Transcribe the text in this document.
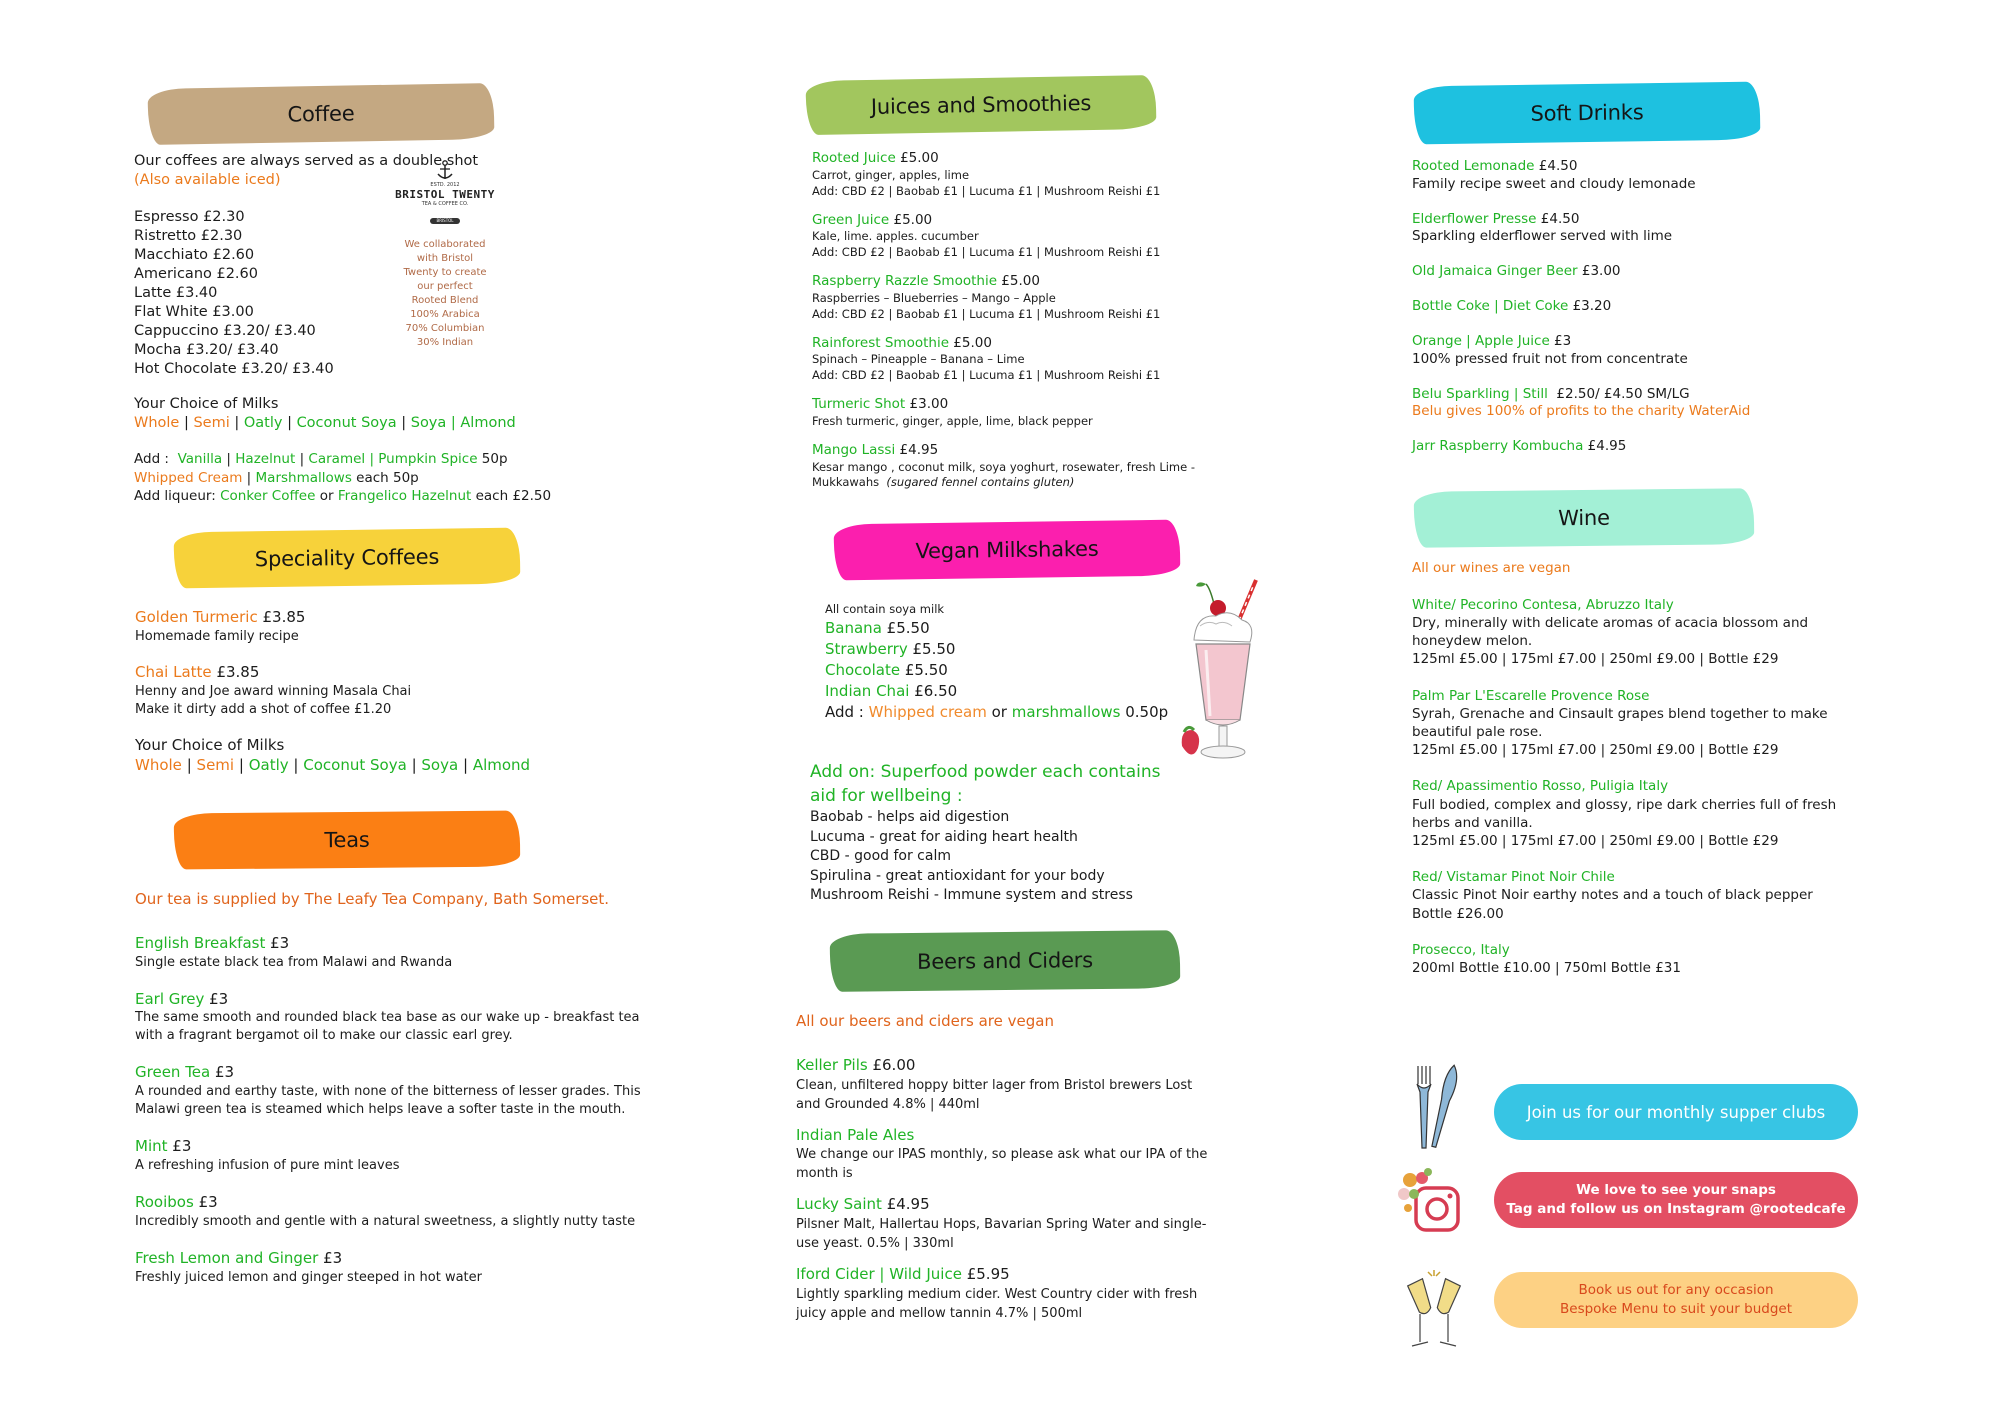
Coffee

Our coffees are always served as a double shot

(Also available iced)

Espresso £2.30
Ristretto £2.30
Macchiato £2.60
Americano £2.60
Latte £3.40
Flat White £3.00
Cappuccino £3.20/ £3.40
Mocha £3.20/ £3.40
Hot Chocolate £3.20/ £3.40
ESTD. 2012
BRISTOL TWENTY
TEA & COFFEE CO.
BRISTOL
We collaborated
with Bristol
Twenty to create
our perfect
Rooted Blend
100% Arabica
70% Columbian
30% Indian

Your Choice of Milks

Whole | Semi | Oatly | Coconut Soya | Soya | Almond

Add : Vanilla | Hazelnut | Caramel | Pumpkin Spice 50p

Whipped Cream | Marshmallows each 50p

Add liqueur: Conker Coffee or Frangelico Hazelnut each £2.50

Speciality Coffees

Golden Turmeric £3.85

Homemade family recipe

Chai Latte £3.85

Henny and Joe award winning Masala Chai

Make it dirty add a shot of coffee £1.20

Your Choice of Milks

Whole | Semi | Oatly | Coconut Soya | Soya | Almond

Teas

Our tea is supplied by The Leafy Tea Company, Bath Somerset.

English Breakfast £3

Single estate black tea from Malawi and Rwanda

Earl Grey £3

The same smooth and rounded black tea base as our wake up - breakfast tea with a fragrant bergamot oil to make our classic earl grey.

Green Tea £3

A rounded and earthy taste, with none of the bitterness of lesser grades. This Malawi green tea is steamed which helps leave a softer taste in the mouth.

Mint £3

A refreshing infusion of pure mint leaves

Rooibos £3

Incredibly smooth and gentle with a natural sweetness, a slightly nutty taste

Fresh Lemon and Ginger £3

Freshly juiced lemon and ginger steeped in hot water

Juices and Smoothies

Rooted Juice £5.00

Carrot, ginger, apples, lime

Add: CBD £2 | Baobab £1 | Lucuma £1 | Mushroom Reishi £1

Green Juice £5.00

Kale, lime. apples. cucumber

Add: CBD £2 | Baobab £1 | Lucuma £1 | Mushroom Reishi £1

Raspberry Razzle Smoothie £5.00

Raspberries – Blueberries – Mango – Apple

Add: CBD £2 | Baobab £1 | Lucuma £1 | Mushroom Reishi £1

Rainforest Smoothie £5.00

Spinach – Pineapple – Banana – Lime

Add: CBD £2 | Baobab £1 | Lucuma £1 | Mushroom Reishi £1

Turmeric Shot £3.00

Fresh turmeric, ginger, apple, lime, black pepper

Mango Lassi £4.95

Kesar mango , coconut milk, soya yoghurt, rosewater, fresh Lime - Mukkawahs (sugared fennel contains gluten)

Vegan Milkshakes

All contain soya milk

Banana £5.50
Strawberry £5.50
Chocolate £5.50
Indian Chai £6.50
Add : Whipped cream or marshmallows 0.50p

Add on: Superfood powder each contains aid for wellbeing :

Baobab - helps aid digestion
Lucuma - great for aiding heart health
CBD - good for calm
Spirulina - great antioxidant for your body
Mushroom Reishi - Immune system and stress
Beers and Ciders

All our beers and ciders are vegan

Keller Pils £6.00

Clean, unfiltered hoppy bitter lager from Bristol brewers Lost and Grounded 4.8% | 440ml

Indian Pale Ales

We change our IPAS monthly, so please ask what our IPA of the month is

Lucky Saint £4.95

Pilsner Malt, Hallertau Hops, Bavarian Spring Water and single-use yeast. 0.5% | 330ml

Iford Cider | Wild Juice £5.95

Lightly sparkling medium cider. West Country cider with fresh juicy apple and mellow tannin 4.7% | 500ml

Soft Drinks

Rooted Lemonade £4.50

Family recipe sweet and cloudy lemonade

Elderflower Presse £4.50

Sparkling elderflower served with lime

Old Jamaica Ginger Beer £3.00

Bottle Coke | Diet Coke £3.20

Orange | Apple Juice £3

100% pressed fruit not from concentrate

Belu Sparkling | Still £2.50/ £4.50 SM/LG

Belu gives 100% of profits to the charity WaterAid

Jarr Raspberry Kombucha £4.95

Wine

All our wines are vegan

White/ Pecorino Contesa, Abruzzo Italy

Dry, minerally with delicate aromas of acacia blossom and honeydew melon.

125ml £5.00 | 175ml £7.00 | 250ml £9.00 | Bottle £29

Palm Par L'Escarelle Provence Rose

Syrah, Grenache and Cinsault grapes blend together to make beautiful pale rose.

125ml £5.00 | 175ml £7.00 | 250ml £9.00 | Bottle £29

Red/ Apassimentio Rosso, Puligia Italy

Full bodied, complex and glossy, ripe dark cherries full of fresh herbs and vanilla.

125ml £5.00 | 175ml £7.00 | 250ml £9.00 | Bottle £29

Red/ Vistamar Pinot Noir Chile

Classic Pinot Noir earthy notes and a touch of black pepper

Bottle £26.00

Prosecco, Italy

200ml Bottle £10.00 | 750ml Bottle £31

Join us for our monthly supper clubs
We love to see your snaps
Tag and follow us on Instagram @rootedcafe
Book us out for any occasion
Bespoke Menu to suit your budget
